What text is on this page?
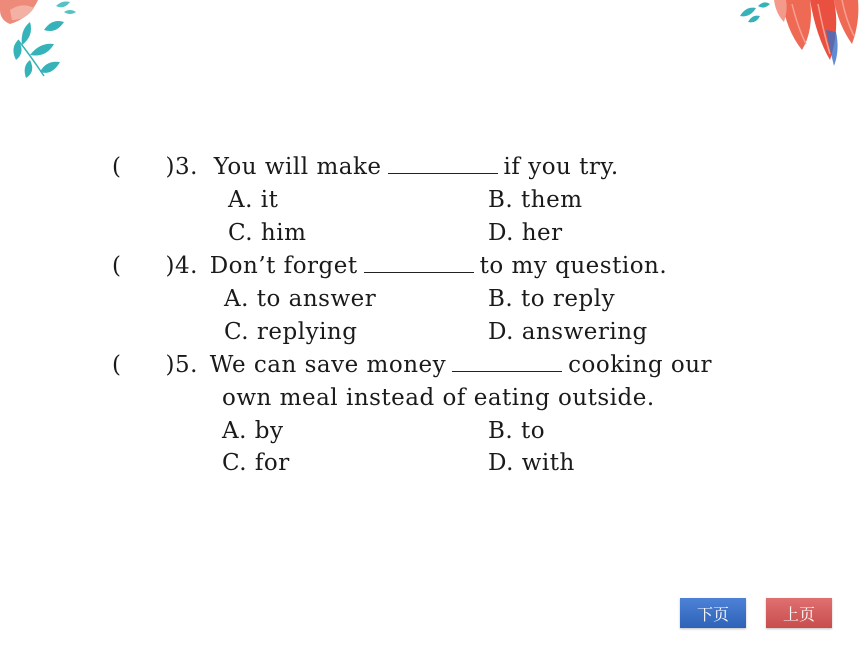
( )3. You will make	if you try.
A. it	B. them
C. him	D. her
( )4. Don’t forget	to my question.
A. to answer	B. to reply
C. replying	D. answering
( )5. We can save money	cooking our
own meal instead of eating outside.
A. by	B. to
C. for	D. with
下页	上页
